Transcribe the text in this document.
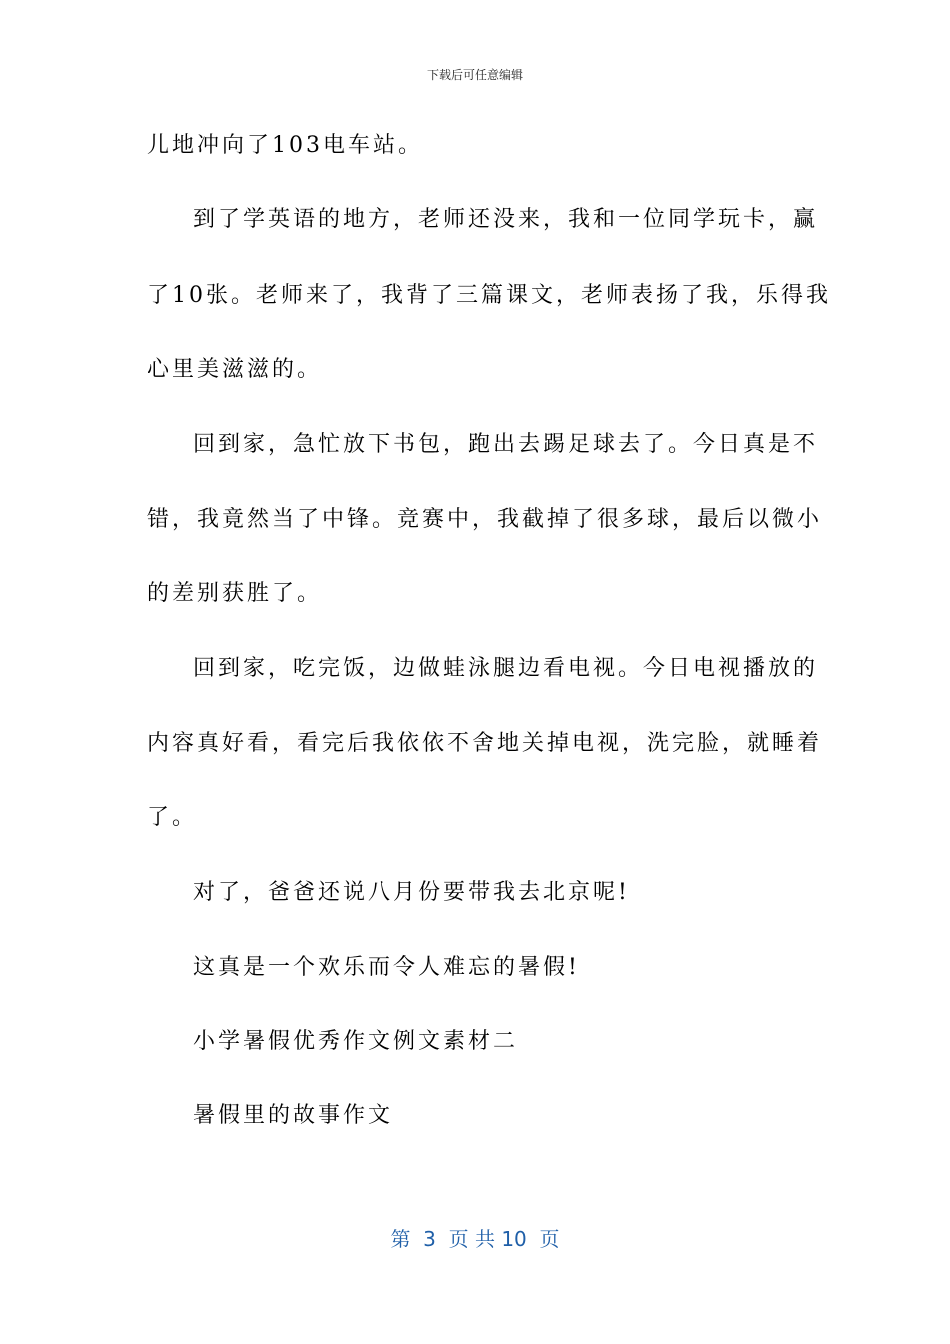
下载后可任意编辑
儿地冲向了103电车站。
到了学英语的地方，老师还没来，我和一位同学玩卡，赢
了10张。老师来了，我背了三篇课文，老师表扬了我，乐得我
心里美滋滋的。
回到家，急忙放下书包，跑出去踢足球去了。今日真是不
错，我竟然当了中锋。竞赛中，我截掉了很多球，最后以微小
的差别获胜了。
回到家，吃完饭，边做蛙泳腿边看电视。今日电视播放的
内容真好看，看完后我依依不舍地关掉电视，洗完脸，就睡着
了。
对了，爸爸还说八月份要带我去北京呢!
这真是一个欢乐而令人难忘的暑假!
小学暑假优秀作文例文素材二
暑假里的故事作文
第  3  页 共 10  页
